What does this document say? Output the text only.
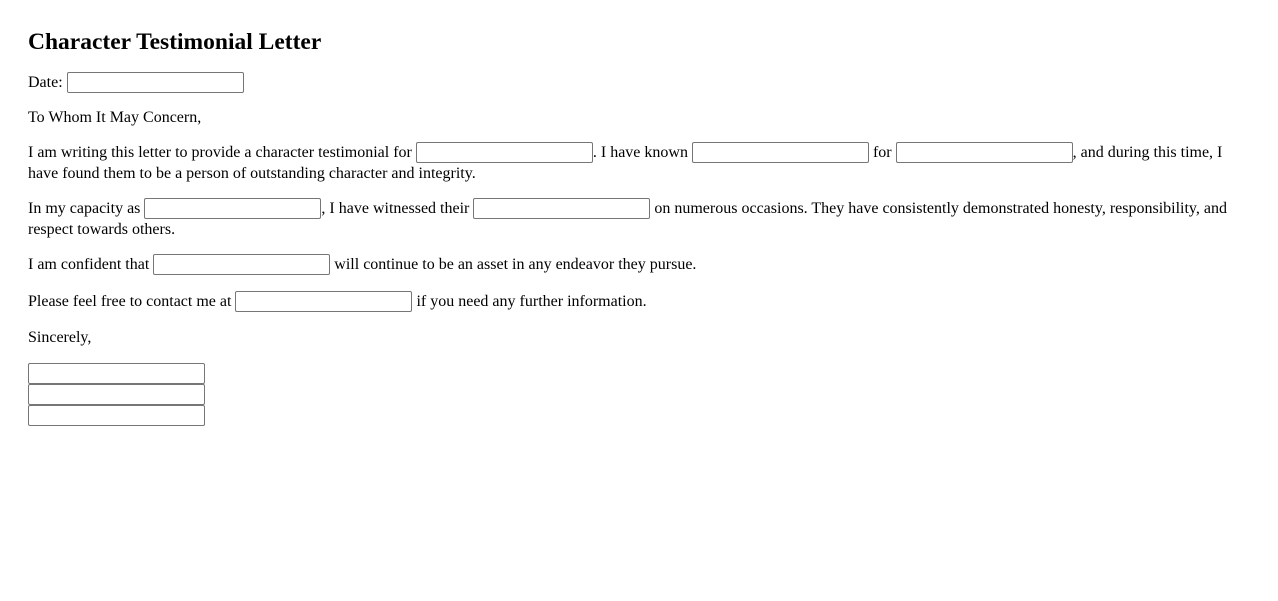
Character Testimonial Letter

Date:

To Whom It May Concern,

I am writing this letter to provide a character testimonial for	. I have known	for	, and during this time, I have found them to be a person of outstanding character and integrity.

In my capacity as	, I have witnessed their	on numerous occasions. They have consistently demonstrated honesty, responsibility, and respect towards others.

I am confident that	will continue to be an asset in any endeavor they pursue.

Please feel free to contact me at	if you need any further information.

Sincerely,
